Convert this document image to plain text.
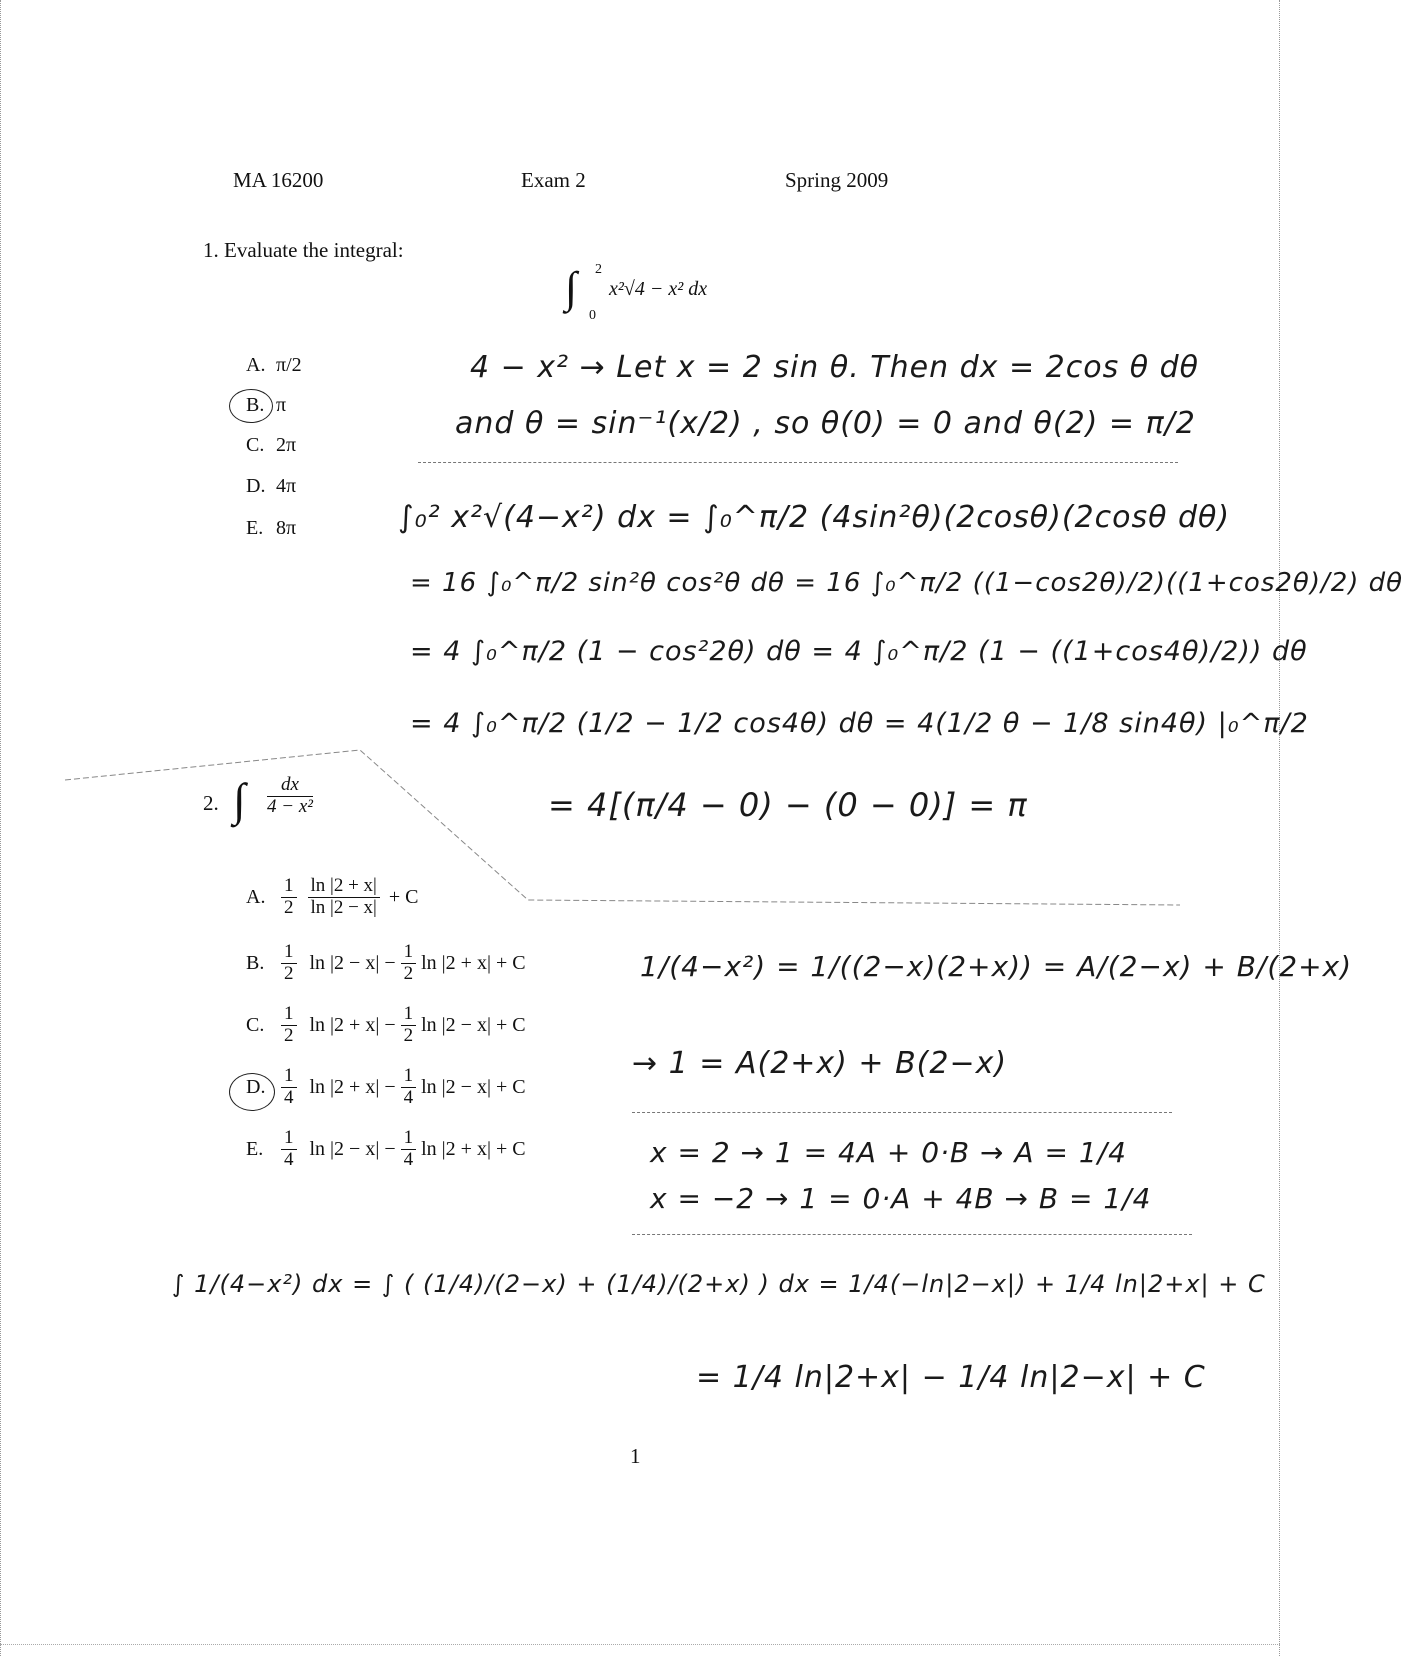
MA 16200	Exam 2	Spring 2009
1. Evaluate the integral:
∫ 2
0
x²√4 − x² dx
A. π/2
B. π
C. 2π
D. 4π
E. 8π
4 − x² → Let x = 2 sin θ. Then dx = 2cos θ dθ
and θ = sin⁻¹(x/2) , so θ(0) = 0 and θ(2) = π/2
∫₀² x²√(4−x²) dx = ∫₀^π/2 (4sin²θ)(2cosθ)(2cosθ dθ)
= 16 ∫₀^π/2 sin²θ cos²θ dθ = 16 ∫₀^π/2 ((1−cos2θ)/2)((1+cos2θ)/2) dθ
= 4 ∫₀^π/2 (1 − cos²2θ) dθ = 4 ∫₀^π/2 (1 − ((1+cos4θ)/2)) dθ
= 4 ∫₀^π/2 (1/2 − 1/2 cos4θ) dθ = 4(1/2 θ − 1/8 sin4θ) |₀^π/2
= 4[(π/4 − 0) − (0 − 0)] = π
2. ∫ $\frac{dx}{\text{4 − x²}}$
A. $\frac{1}{2}$
$\frac{\ln |2 + x|}{\ln |2 - x|} + C$
B. $\frac{1}{2}$ $\ln |2 - x| - \frac{1}{2}$ ln |2 + x| + C
C. $\frac{1}{2}$ $\ln |2 + x| - \frac{1}{2}$ ln |2 − x| + C
D. $\frac{1}{4}$ $\ln |2 + x| - \frac{1}{4}$ ln |2 − x| + C
E. $\frac{1}{4}$ $\ln |2 - x| - \frac{1}{4}$ ln |2 + x| + C
1/(4−x²) = 1/((2−x)(2+x)) = A/(2−x) + B/(2+x)
→ 1 = A(2+x) + B(2−x)
x = 2 → 1 = 4A + 0·B → A = 1/4
x = −2 → 1 = 0·A + 4B → B = 1/4
∫ 1/(4−x²) dx = ∫ ( (1/4)/(2−x) + (1/4)/(2+x) ) dx = 1/4(−ln|2−x|) + 1/4 ln|2+x| + C
= 1/4 ln|2+x| − 1/4 ln|2−x| + C
1
